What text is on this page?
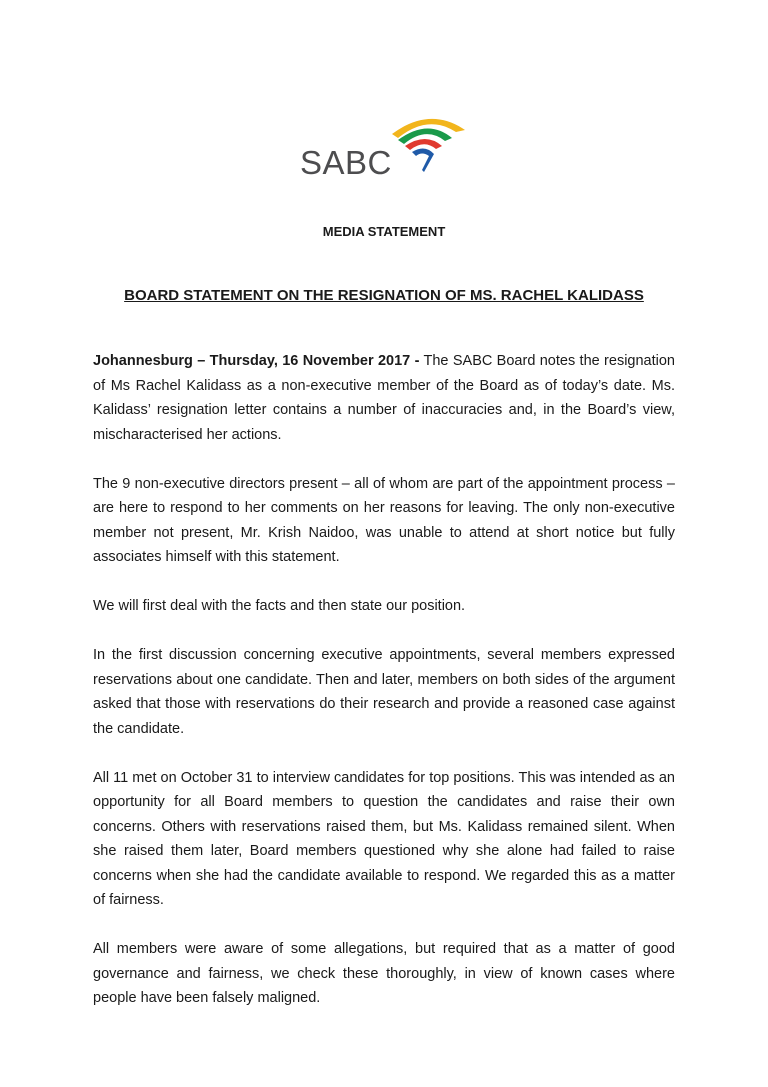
SABC
MEDIA STATEMENT
BOARD STATEMENT ON THE RESIGNATION OF MS. RACHEL KALIDASS

Johannesburg – Thursday, 16 November 2017 - The SABC Board notes the resignation of Ms Rachel Kalidass as a non-executive member of the Board as of today’s date. Ms. Kalidass’ resignation letter contains a number of inaccuracies and, in the Board’s view, mischaracterised her actions.

The 9 non-executive directors present – all of whom are part of the appointment process – are here to respond to her comments on her reasons for leaving. The only non-executive member not present, Mr. Krish Naidoo, was unable to attend at short notice but fully associates himself with this statement.

We will first deal with the facts and then state our position.

In the first discussion concerning executive appointments, several members expressed reservations about one candidate. Then and later, members on both sides of the argument asked that those with reservations do their research and provide a reasoned case against the candidate.

All 11 met on October 31 to interview candidates for top positions. This was intended as an opportunity for all Board members to question the candidates and raise their own concerns. Others with reservations raised them, but Ms. Kalidass remained silent. When she raised them later, Board members questioned why she alone had failed to raise concerns when she had the candidate available to respond. We regarded this as a matter of fairness.

All members were aware of some allegations, but required that as a matter of good governance and fairness, we check these thoroughly, in view of known cases where people have been falsely maligned.
